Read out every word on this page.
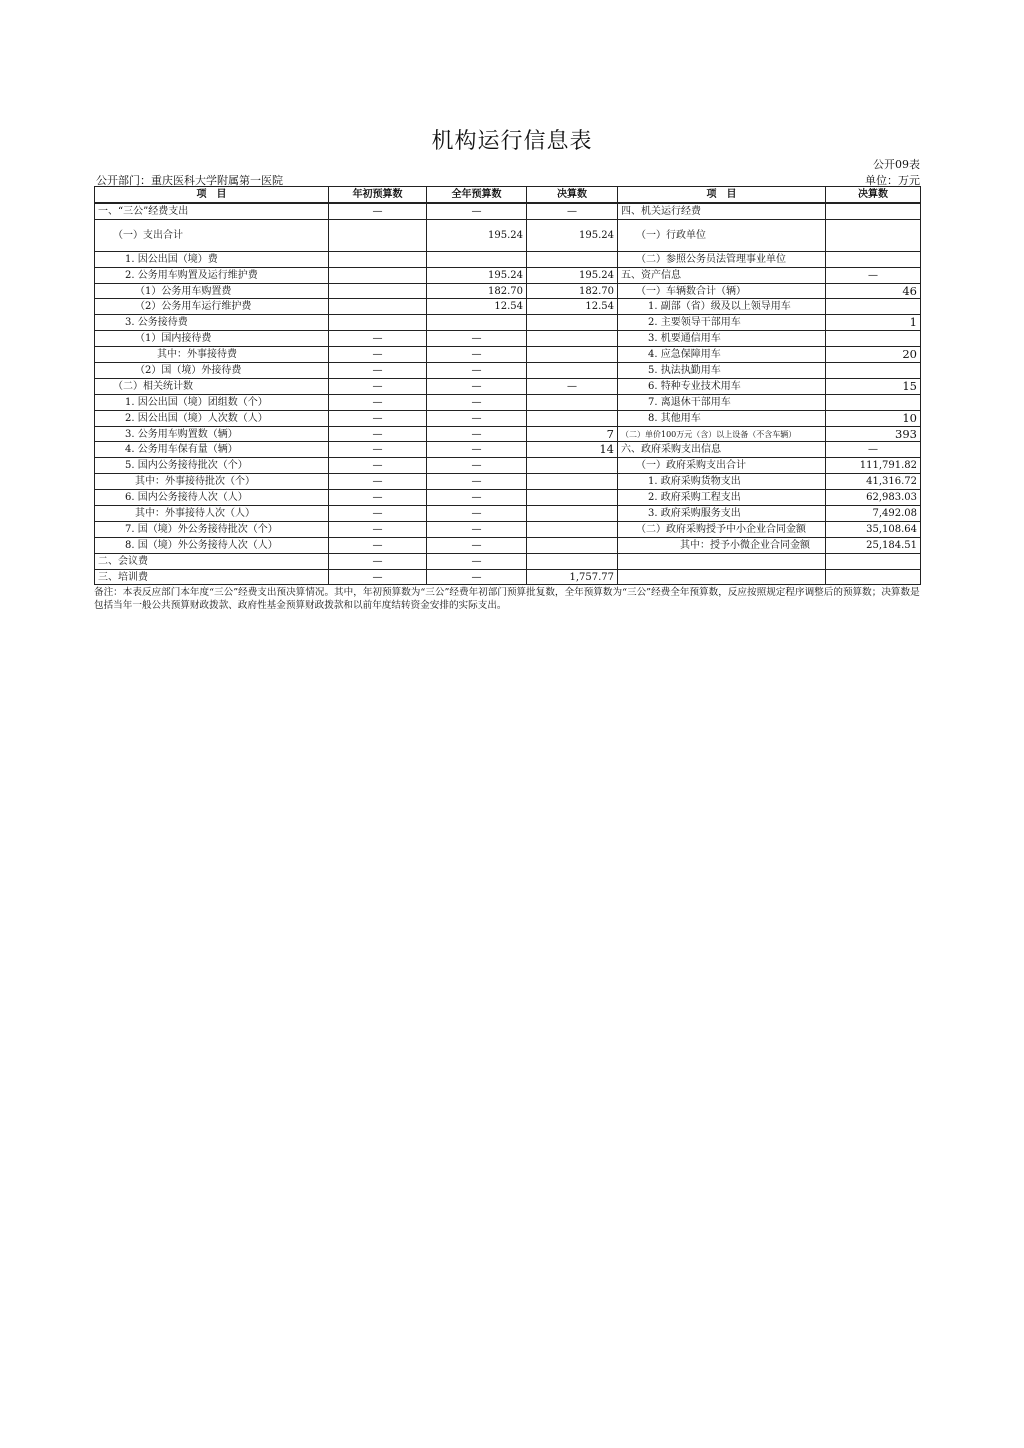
机构运行信息表
公开09表
公开部门：重庆医科大学附属第一医院	单位：万元
项　目	年初预算数	全年预算数	决算数	项　目	决算数
一、“三公”经费支出	—	—	—	四、机关运行经费	
（一）支出合计		195.24	195.24	（一）行政单位	
1. 因公出国（境）费				（二）参照公务员法管理事业单位	
2. 公务用车购置及运行维护费		195.24	195.24	五、资产信息	—
（1）公务用车购置费		182.70	182.70	（一）车辆数合计（辆）	46
（2）公务用车运行维护费		12.54	12.54	1. 副部（省）级及以上领导用车	
3. 公务接待费				2. 主要领导干部用车	1
（1）国内接待费	—	—		3. 机要通信用车	
其中：外事接待费	—	—		4. 应急保障用车	20
（2）国（境）外接待费	—	—		5. 执法执勤用车	
（二）相关统计数	—	—	—	6. 特种专业技术用车	15
1. 因公出国（境）团组数（个）	—	—		7. 离退休干部用车	
2. 因公出国（境）人次数（人）	—	—		8. 其他用车	10
3. 公务用车购置数（辆）	—	—	7	（二）单价100万元（含）以上设备（不含车辆）	393
4. 公务用车保有量（辆）	—	—	14	六、政府采购支出信息	—
5. 国内公务接待批次（个）	—	—		（一）政府采购支出合计	111,791.82
其中：外事接待批次（个）	—	—		1. 政府采购货物支出	41,316.72
6. 国内公务接待人次（人）	—	—		2. 政府采购工程支出	62,983.03
其中：外事接待人次（人）	—	—		3. 政府采购服务支出	7,492.08
7. 国（境）外公务接待批次（个）	—	—		（二）政府采购授予中小企业合同金额	35,108.64
8. 国（境）外公务接待人次（人）	—	—		其中：授予小微企业合同金额	25,184.51
二、会议费	—	—			
三、培训费	—	—	1,757.77		
备注：本表反应部门本年度“三公”经费支出预决算情况。其中，年初预算数为“三公”经费年初部门预算批复数，全年预算数为“三公”经费全年预算数，反应按照规定程序调整后的预算数；决算数是包括当年一般公共预算财政拨款、政府性基金预算财政拨款和以前年度结转资金安排的实际支出。
